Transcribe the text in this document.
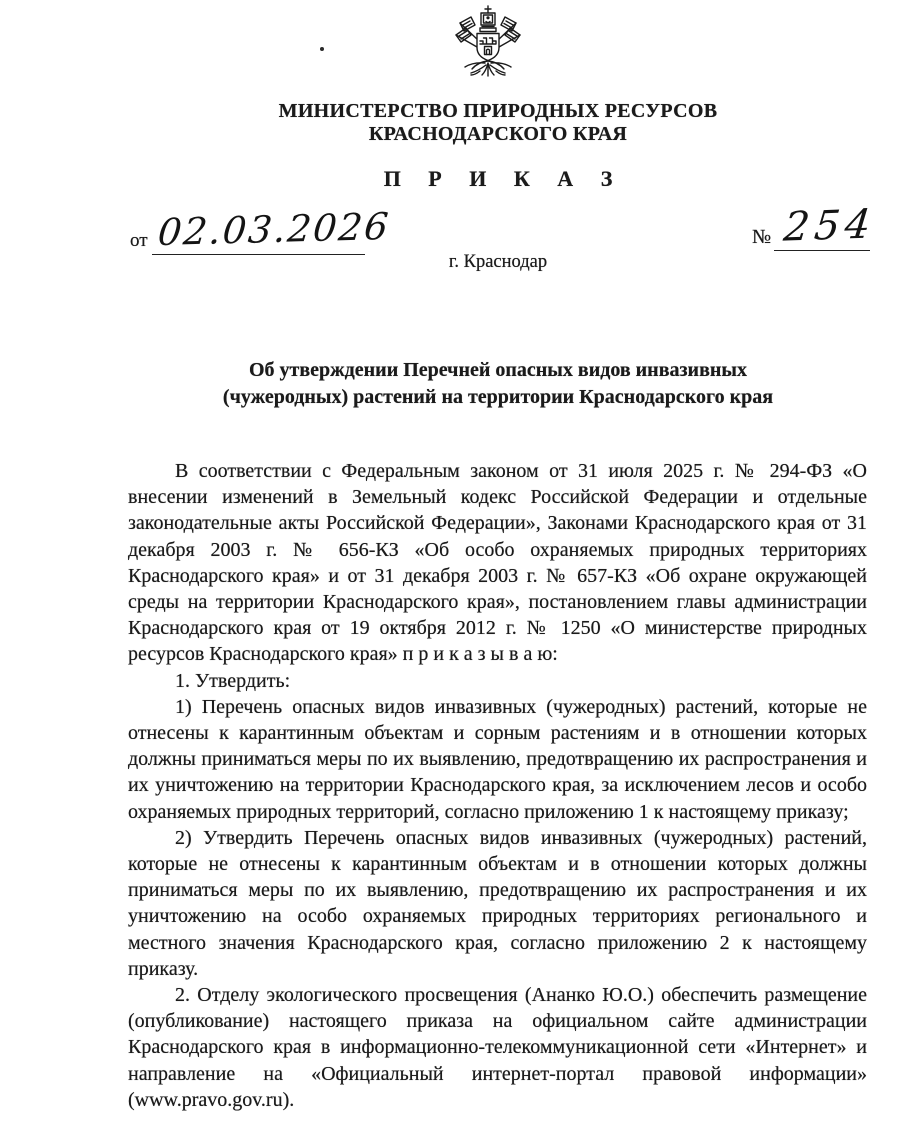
МИНИСТЕРСТВО ПРИРОДНЫХ РЕСУРСОВ
КРАСНОДАРСКОГО КРАЯ
П Р И К А З
от 02.03.2026	№ 254
г. Краснодар
Об утверждении Перечней опасных видов инвазивных
(чужеродных) растений на территории Краснодарского края

В соответствии с Федеральным законом от 31 июля 2025 г. № 294-ФЗ «О внесении изменений в Земельный кодекс Российской Федерации и отдельные законодательные акты Российской Федерации», Законами Краснодарского края от 31 декабря 2003 г. № 656-КЗ «Об особо охраняемых природных территориях Краснодарского края» и от 31 декабря 2003 г. № 657-КЗ «Об охране окружающей среды на территории Краснодарского края», постановлением главы администрации Краснодарского края от 19 октября 2012 г. № 1250 «О министерстве природных ресурсов Краснодарского края» п р и к а з ы в а ю:

1. Утвердить:

1) Перечень опасных видов инвазивных (чужеродных) растений, которые не отнесены к карантинным объектам и сорным растениям и в отношении которых должны приниматься меры по их выявлению, предотвращению их распространения и их уничтожению на территории Краснодарского края, за исключением лесов и особо охраняемых природных территорий, согласно приложению 1 к настоящему приказу;

2) Утвердить Перечень опасных видов инвазивных (чужеродных) растений, которые не отнесены к карантинным объектам и в отношении которых должны приниматься меры по их выявлению, предотвращению их распространения и их уничтожению на особо охраняемых природных территориях регионального и местного значения Краснодарского края, согласно приложению 2 к настоящему приказу.

2. Отделу экологического просвещения (Ананко Ю.О.) обеспечить размещение (опубликование) настоящего приказа на официальном сайте администрации Краснодарского края в информационно-телекоммуникационной сети «Интернет» и направление на «Официальный интернет-портал правовой информации» (www.pravo.gov.ru).
